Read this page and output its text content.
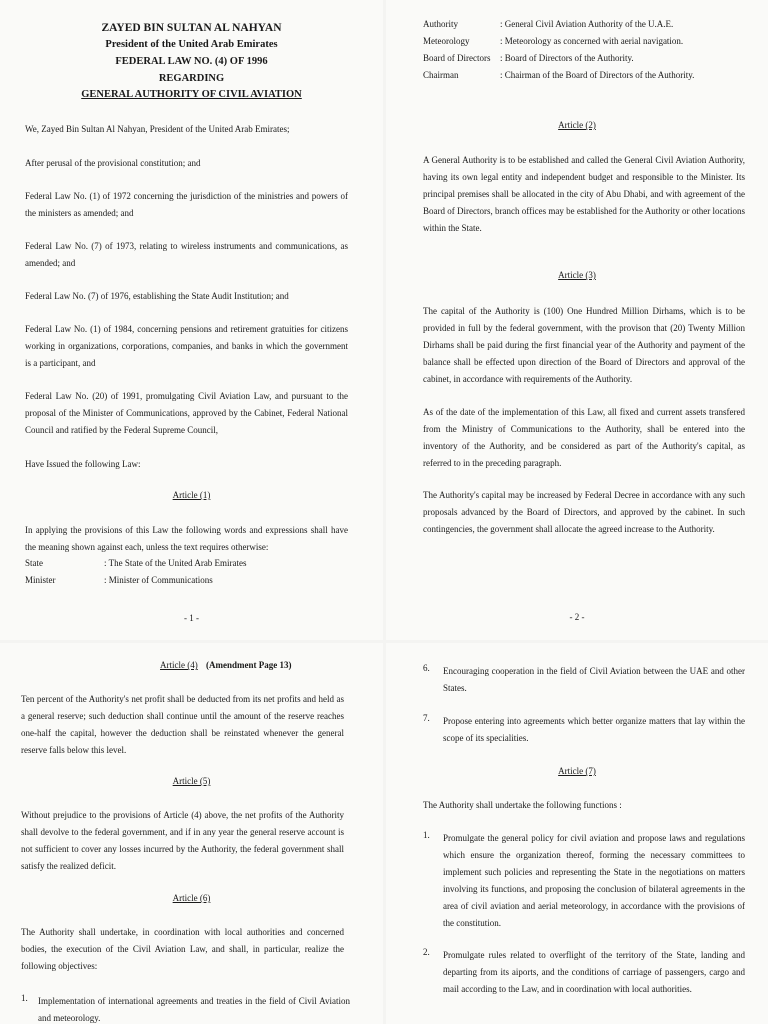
ZAYED BIN SULTAN AL NAHYAN
President of the United Arab Emirates
FEDERAL LAW NO. (4) OF 1996
REGARDING
GENERAL AUTHORITY OF CIVIL AVIATION
We, Zayed Bin Sultan Al Nahyan, President of the United Arab Emirates;
After perusal of the provisional constitution; and
Federal Law No. (1) of 1972 concerning the jurisdiction of the ministries and powers of the ministers as amended; and
Federal Law No. (7) of 1973, relating to wireless instruments and communications, as amended; and
Federal Law No. (7) of 1976, establishing the State Audit Institution; and
Federal Law No. (1) of 1984, concerning pensions and retirement gratuities for citizens working in organizations, corporations, companies, and banks in which the government is a participant, and
Federal Law No. (20) of 1991, promulgating Civil Aviation Law, and pursuant to the proposal of the Minister of Communications, approved by the Cabinet, Federal National Council and ratified by the Federal Supreme Council,
Have Issued the following Law:
Article (1)
In applying the provisions of this Law the following words and expressions shall have the meaning shown against each, unless the text requires otherwise:
State	: The State of the United Arab Emirates
Minister	: Minister of Communications
- 1 -
Authority	: General Civil Aviation Authority of the U.A.E.
Meteorology	: Meteorology as concerned with aerial navigation.
Board of Directors : Board of Directors of the Authority.
Chairman	: Chairman of the Board of Directors of the Authority.
Article (2)
A General Authority is to be established and called the General Civil Aviation Authority, having its own legal entity and independent budget and responsible to the Minister. Its principal premises shall be allocated in the city of Abu Dhabi, and with agreement of the Board of Directors, branch offices may be established for the Authority or other locations within the State.
Article (3)
The capital of the Authority is (100) One Hundred Million Dirhams, which is to be provided in full by the federal government, with the provison that (20) Twenty Million Dirhams shall be paid during the first financial year of the Authority and payment of the balance shall be effected upon direction of the Board of Directors and approval of the cabinet, in accordance with requirements of the Authority.
As of the date of the implementation of this Law, all fixed and current assets transfered from the Ministry of Communications to the Authority, shall be entered into the inventory of the Authority, and be considered as part of the Authority's capital, as referred to in the preceding paragraph.
The Authority's capital may be increased by Federal Decree in accordance with any such proposals advanced by the Board of Directors, and approved by the cabinet. In such contingencies, the government shall allocate the agreed increase to the Authority.
- 2 -
Article (4) (Amendment Page 13)
Ten percent of the Authority's net profit shall be deducted from its net profits and held as a general reserve; such deduction shall continue until the amount of the reserve reaches one-half the capital, however the deduction shall be reinstated whenever the general reserve falls below this level.
Article (5)
Without prejudice to the provisions of Article (4) above, the net profits of the Authority shall devolve to the federal government, and if in any year the general reserve account is not sufficient to cover any losses incurred by the Authority, the federal government shall satisfy the realized deficit.
Article (6)
The Authority shall undertake, in coordination with local authorities and concerned bodies, the execution of the Civil Aviation Law, and shall, in particular, realize the following objectives:
1. Implementation of international agreements and treaties in the field of Civil Aviation and meteorology.
6. Encouraging cooperation in the field of Civil Aviation between the UAE and other States.
7. Propose entering into agreements which better organize matters that lay within the scope of its specialities.
Article (7)
The Authority shall undertake the following functions :
1. Promulgate the general policy for civil aviation and propose laws and regulations which ensure the organization thereof, forming the necessary committees to implement such policies and representing the State in the negotiations on matters involving its functions, and proposing the conclusion of bilateral agreements in the area of civil aviation and aerial meteorology, in accordance with the provisions of the constitution.
2. Promulgate rules related to overflight of the territory of the State, landing and departing from its aiports, and the conditions of carriage of passengers, cargo and mail according to the Law, and in coordination with local authorities.
